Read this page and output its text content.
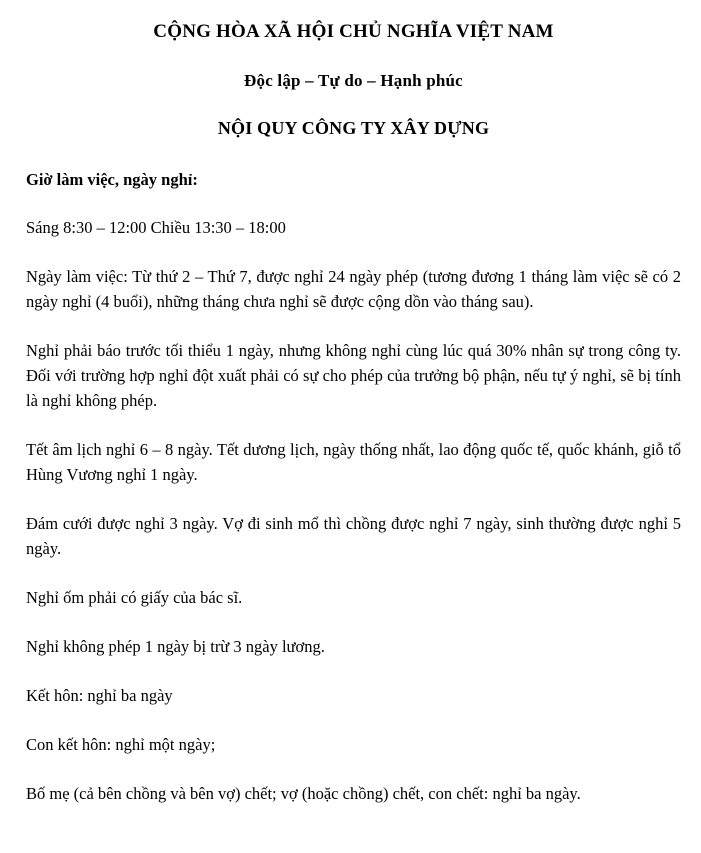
CỘNG HÒA XÃ HỘI CHỦ NGHĨA VIỆT NAM
Độc lập – Tự do – Hạnh phúc
NỘI QUY CÔNG TY XÂY DỰNG
Giờ làm việc, ngày nghỉ:

Sáng 8:30 – 12:00 Chiều 13:30 – 18:00

Ngày làm việc: Từ thứ 2 – Thứ 7, được nghỉ 24 ngày phép (tương đương 1 tháng làm việc sẽ có 2 ngày nghỉ (4 buổi), những tháng chưa nghỉ sẽ được cộng dồn vào tháng sau).

Nghỉ phải báo trước tối thiểu 1 ngày, nhưng không nghỉ cùng lúc quá 30% nhân sự trong công ty. Đối với trường hợp nghỉ đột xuất phải có sự cho phép của trưởng bộ phận, nếu tự ý nghỉ, sẽ bị tính là nghỉ không phép.

Tết âm lịch nghỉ 6 – 8 ngày. Tết dương lịch, ngày thống nhất, lao động quốc tế, quốc khánh, giỗ tổ Hùng Vương nghỉ 1 ngày.

Đám cưới được nghỉ 3 ngày. Vợ đi sinh mổ thì chồng được nghỉ 7 ngày, sinh thường được nghỉ 5 ngày.

Nghỉ ốm phải có giấy của bác sĩ.

Nghỉ không phép 1 ngày bị trừ 3 ngày lương.

Kết hôn: nghỉ ba ngày

Con kết hôn: nghỉ một ngày;

Bố mẹ (cả bên chồng và bên vợ) chết; vợ (hoặc chồng) chết, con chết: nghỉ ba ngày.
